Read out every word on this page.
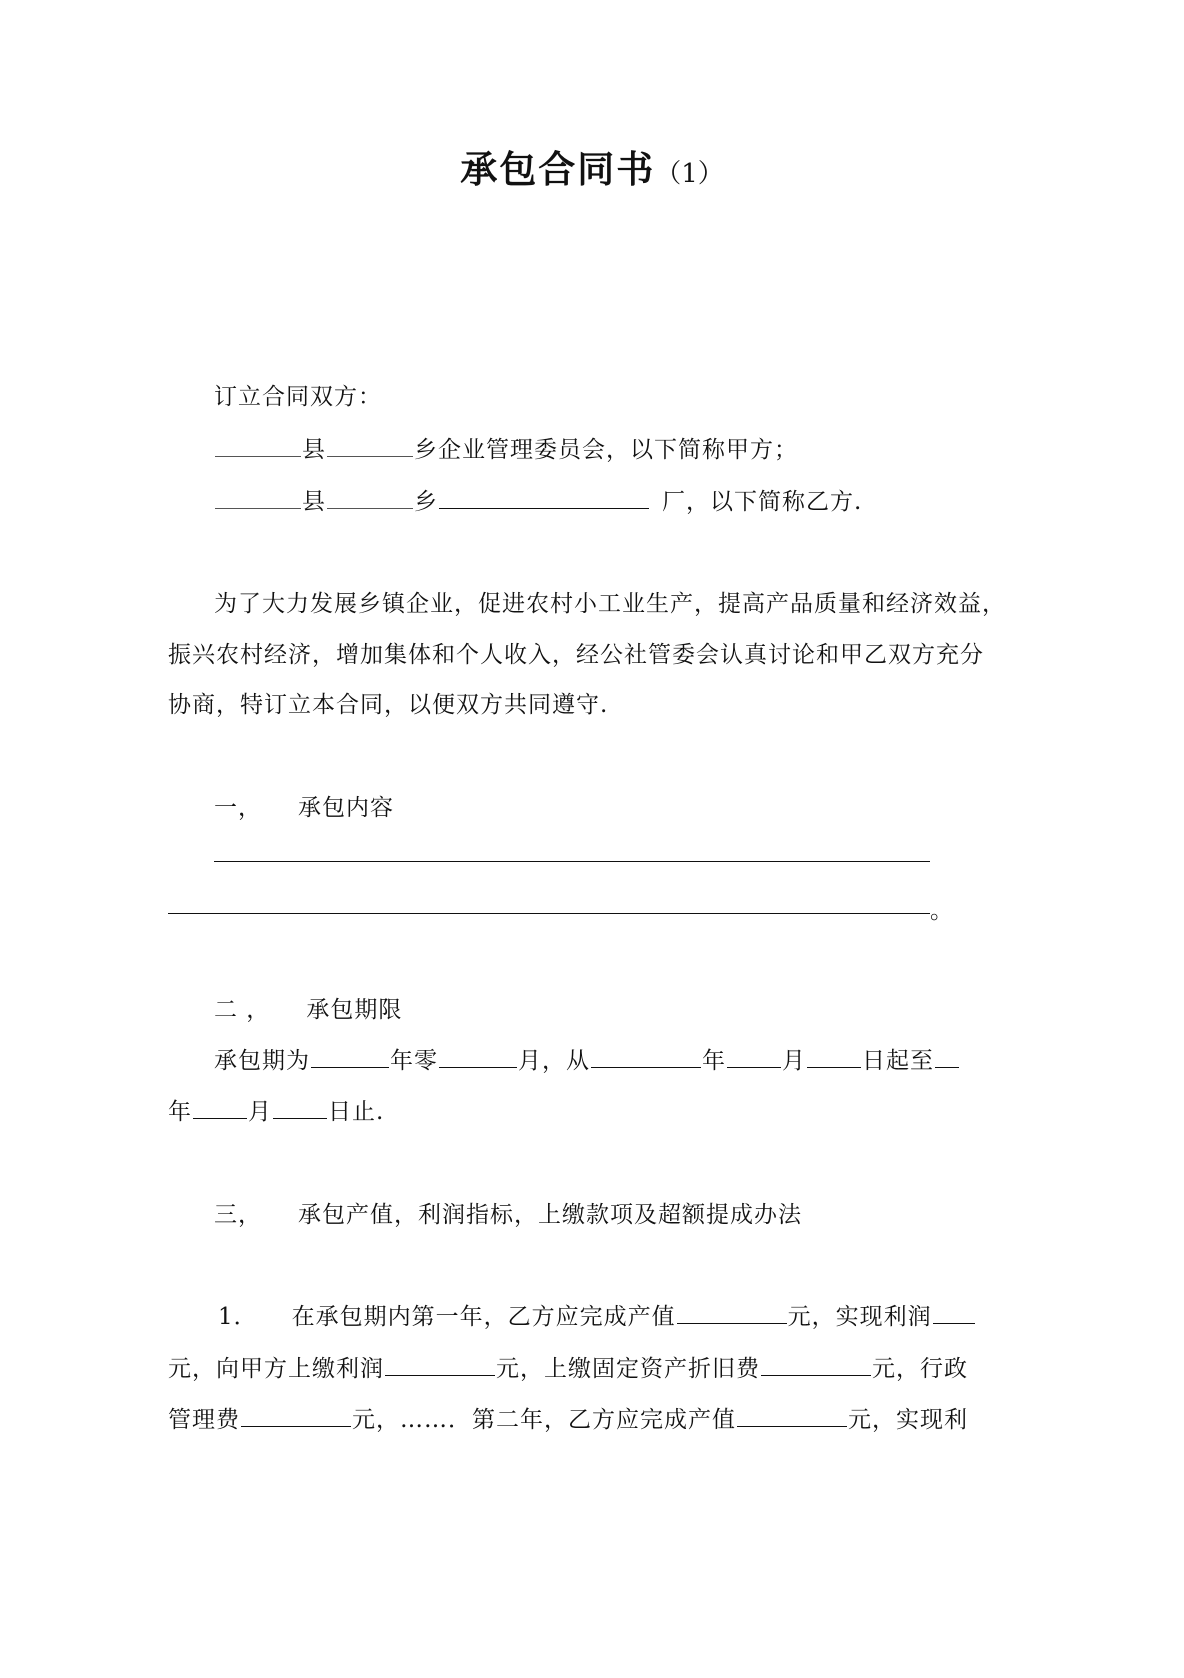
承包合同书（1）
订立合同双方：
县	乡企业管理委员会，以下简称甲方；
县	乡	厂，以下简称乙方.
为了大力发展乡镇企业，促进农村小工业生产，提高产品质量和经济效益，
振兴农村经济，增加集体和个人收入，经公社管委会认真讨论和甲乙双方充分
协商，特订立本合同，以便双方共同遵守.
一， 承包内容
。
二 ， 承包期限
承包期为	年零	月，从	年 月 日起至
年 月 日止.
三， 承包产值，利润指标，上缴款项及超额提成办法
1． 在承包期内第一年，乙方应完成产值	元，实现利润
元，向甲方上缴利润	元，上缴固定资产折旧费	元，行政
管理费	元，……．第二年，乙方应完成产值	元，实现利
